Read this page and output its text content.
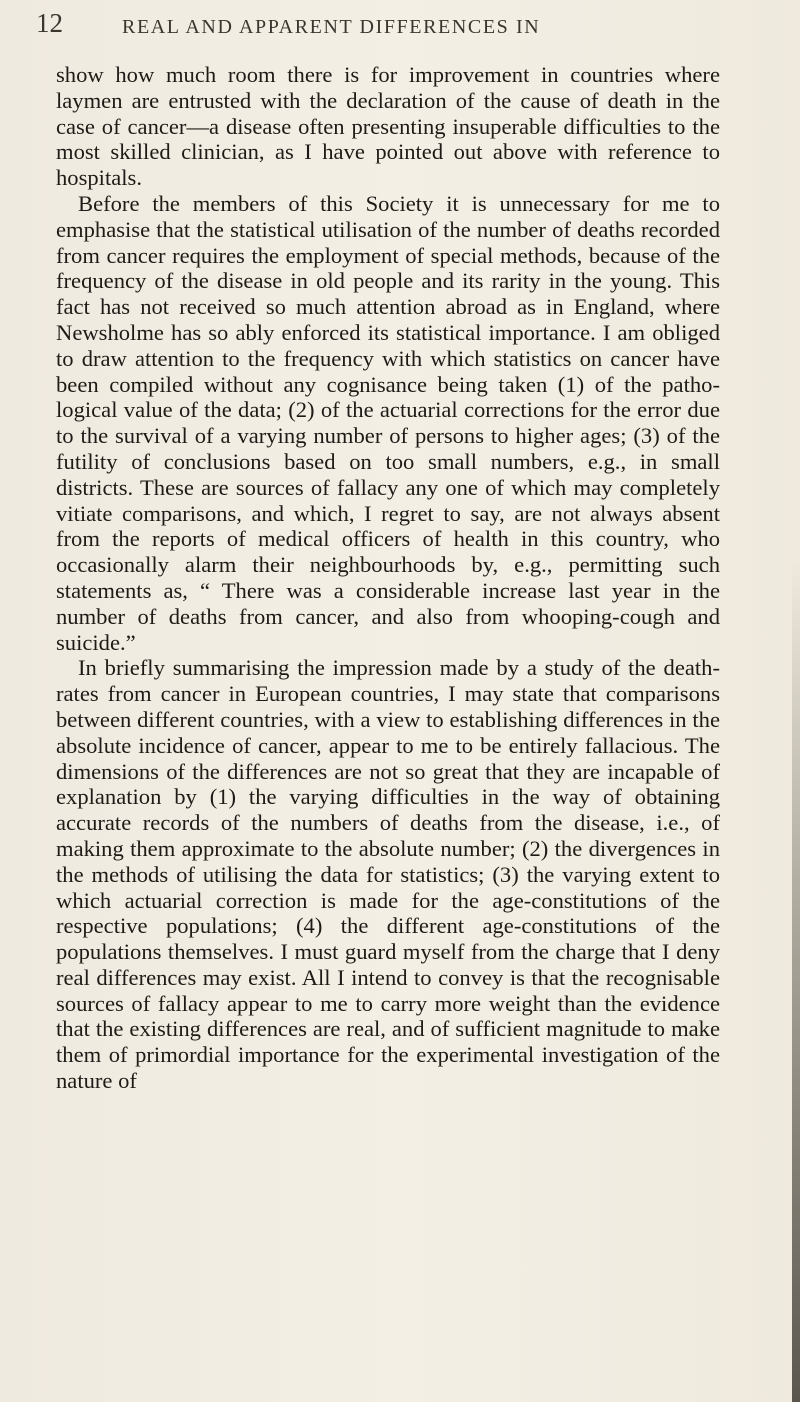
12	REAL AND APPARENT DIFFERENCES IN

show how much room there is for improvement in countries where laymen are entrusted with the declaration of the cause of death in the case of cancer—a disease often presenting insuperable difficulties to the most skilled clinician, as I have pointed out above with reference to hospitals.

Before the members of this Society it is unnecessary for me to emphasise that the statistical utilisation of the number of deaths recorded from cancer requires the employment of special methods, because of the frequency of the disease in old people and its rarity in the young. This fact has not received so much attention abroad as in England, where Newsholme has so ably enforced its statistical importance. I am obliged to draw attention to the frequency with which statistics on cancer have been compiled without any cognisance being taken (1) of the pathological value of the data; (2) of the actuarial corrections for the error due to the survival of a varying number of persons to higher ages; (3) of the futility of conclusions based on too small numbers, e.g., in small districts. These are sources of fallacy any one of which may completely vitiate comparisons, and which, I regret to say, are not always absent from the reports of medical officers of health in this country, who occasionally alarm their neighbourhoods by, e.g., permitting such statements as, “ There was a considerable increase last year in the number of deaths from cancer, and also from whooping-cough and suicide.”

In briefly summarising the impression made by a study of the death-rates from cancer in European countries, I may state that comparisons between different countries, with a view to establishing differences in the absolute incidence of cancer, appear to me to be entirely fallacious. The dimensions of the differences are not so great that they are incapable of explanation by (1) the varying difficulties in the way of obtaining accurate records of the numbers of deaths from the disease, i.e., of making them approximate to the absolute number; (2) the divergences in the methods of utilising the data for statistics; (3) the varying extent to which actuarial correction is made for the age-constitutions of the respective populations; (4) the different age-constitutions of the populations themselves. I must guard myself from the charge that I deny real differences may exist. All I intend to convey is that the recognisable sources of fallacy appear to me to carry more weight than the evidence that the existing differences are real, and of sufficient magnitude to make them of primordial importance for the experimental investigation of the nature of
